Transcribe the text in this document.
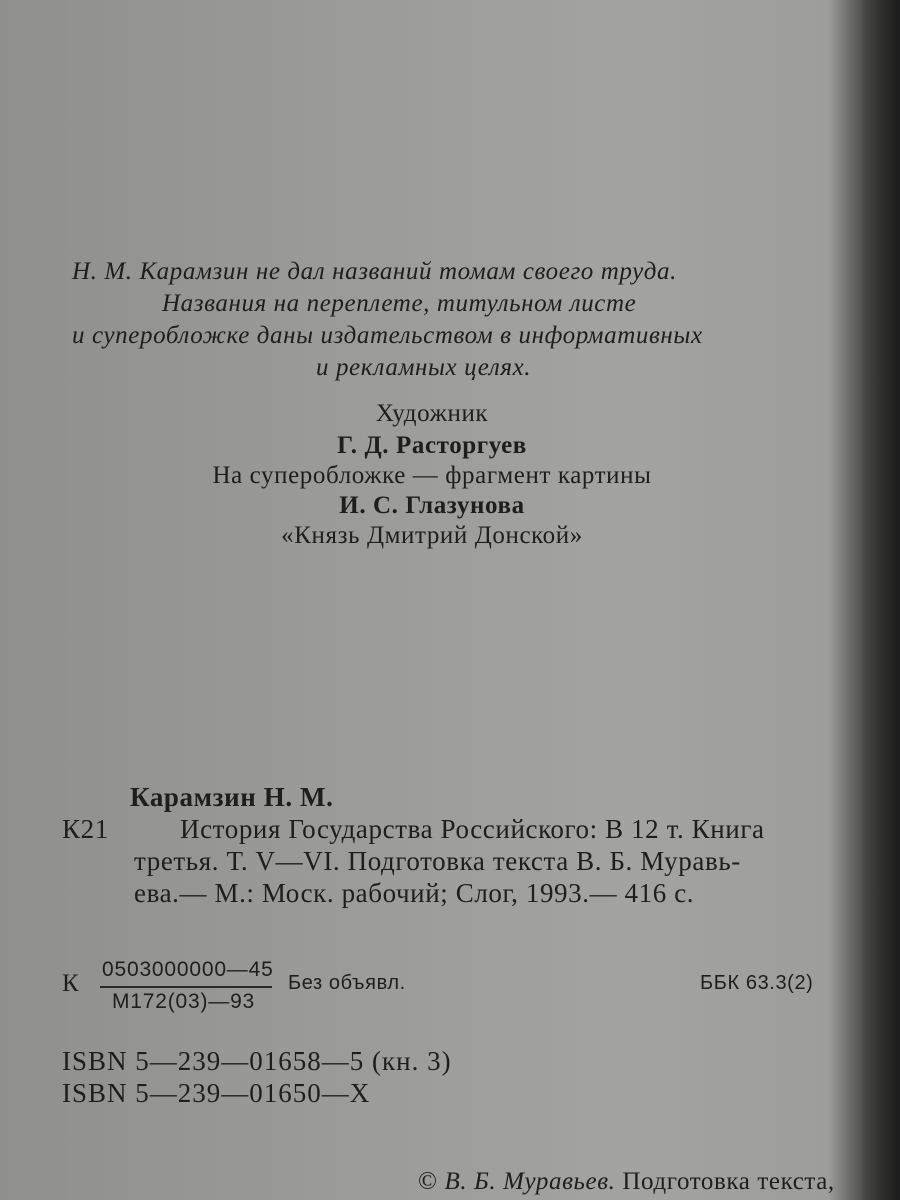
Н. М. Карамзин не дал названий томам своего труда.
Названия на переплете, титульном листе
и суперобложке даны издательством в информативных
и рекламных целях.
Художник
Г. Д. Расторгуев
На суперобложке — фрагмент картины
И. С. Глазунова
«Князь Дмитрий Донской»
Карамзин Н. М.
К21	История Государства Российского: В 12 т. Книга
третья. Т. V—VI. Подготовка текста В. Б. Муравь-
ева.— М.: Моск. рабочий; Слог, 1993.— 416 с.
К
0503000000—45
М172(03)—93
Без объявл.	ББК 63.3(2)
ISBN 5—239—01658—5 (кн. 3)
ISBN 5—239—01650—X
© В. Б. Муравьев. Подготовка текста,
